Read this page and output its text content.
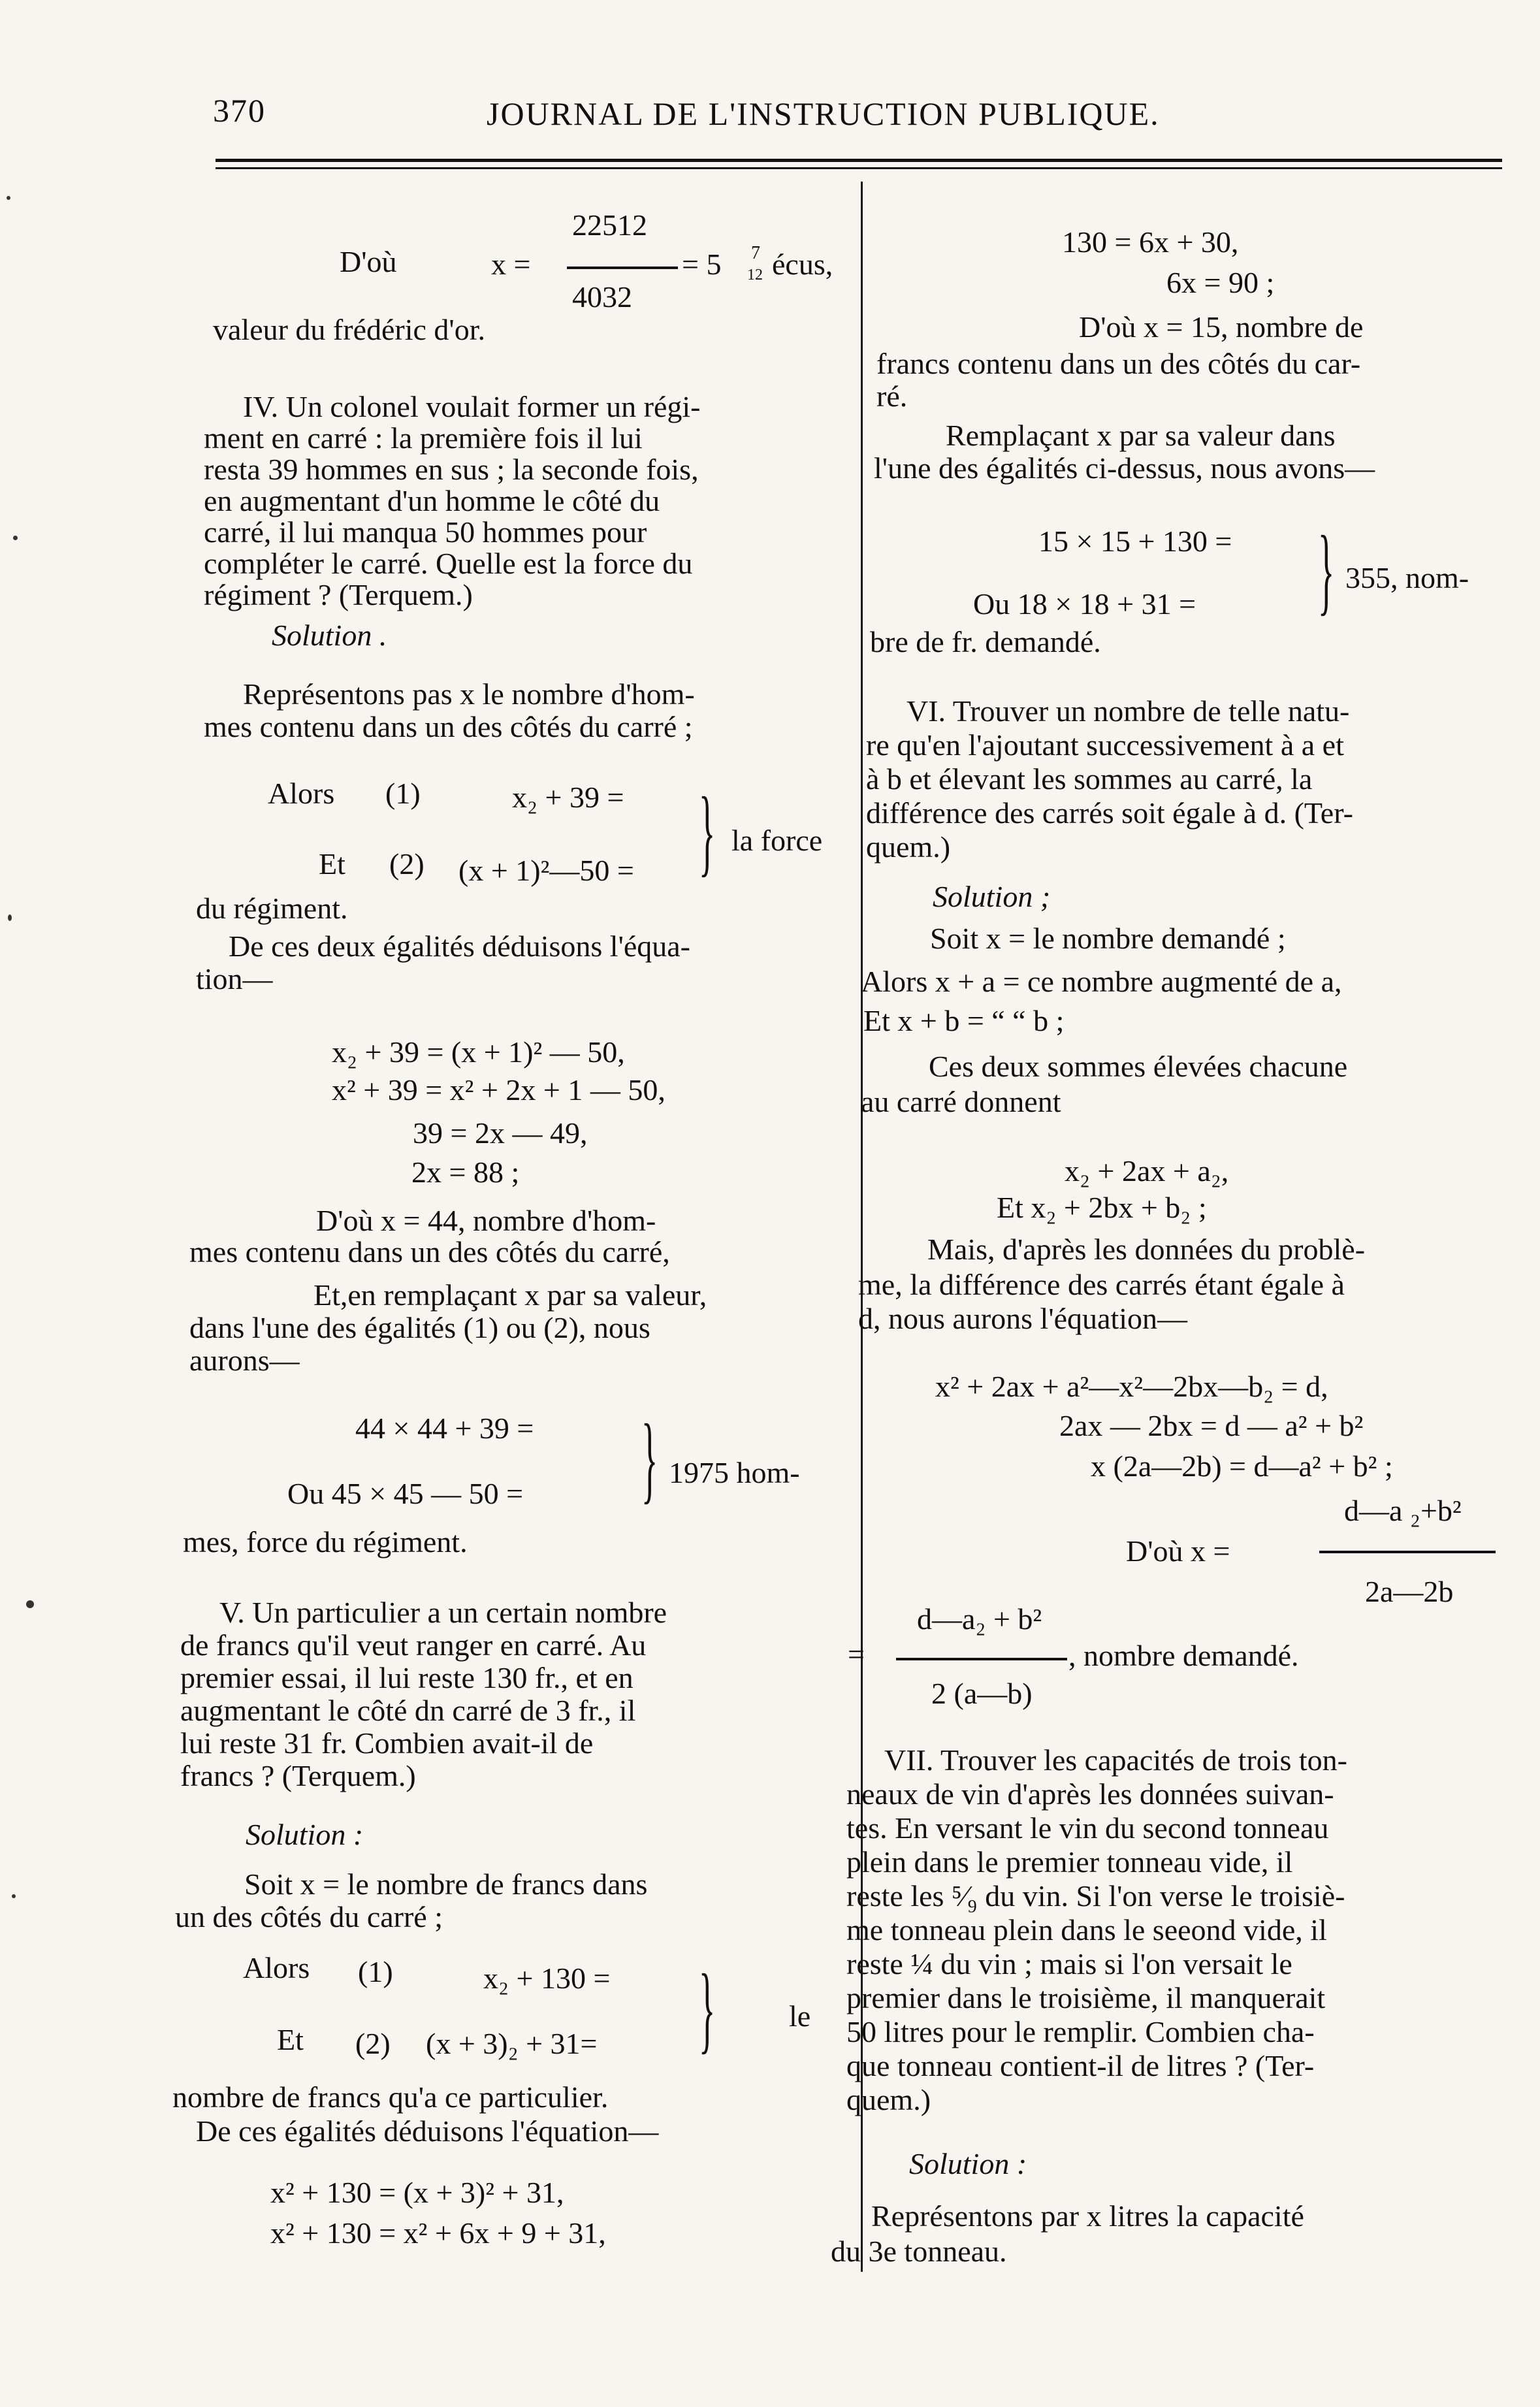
370	JOURNAL DE L'INSTRUCTION PUBLIQUE.
D'où	x =
22512
4032
= 5 7
12 écus,
valeur du frédéric d'or.
IV. Un colonel voulait former un régi-
ment en carré : la première fois il lui
resta 39 hommes en sus ; la seconde fois,
en augmentant d'un homme le côté du
carré, il lui manqua 50 hommes pour
compléter le carré. Quelle est la force du
régiment ? (Terquem.)
Solution .
Représentons pas x le nombre d'hom-
mes contenu dans un des côtés du carré ;
Alors (1)	x₂ + 39 =
Et (2) (x + 1)²—50 = } la force
du régiment.
De ces deux égalités déduisons l'équa-
tion—
x₂ + 39 = (x + 1)² — 50,
x² + 39 = x² + 2x + 1 — 50,
39 = 2x — 49,
2x = 88 ;
D'où x = 44, nombre d'hom-
mes contenu dans un des côtés du carré,
Et,en remplaçant x par sa valeur,
dans l'une des égalités (1) ou (2), nous
aurons—
44 × 44 + 39 =
Ou 45 × 45 — 50 = } 1975 hom-
mes, force du régiment.
V. Un particulier a un certain nombre
de francs qu'il veut ranger en carré. Au
premier essai, il lui reste 130 fr., et en
augmentant le côté dn carré de 3 fr., il
lui reste 31 fr. Combien avait-il de
francs ? (Terquem.)
Solution :
Soit x = le nombre de francs dans
un des côtés du carré ;
Alors (1)	x₂ + 130 =
Et (2) (x + 3)₂ + 31= } le
nombre de francs qu'a ce particulier.
De ces égalités déduisons l'équation—
x² + 130 = (x + 3)² + 31,
x² + 130 = x² + 6x + 9 + 31,
130 = 6x + 30,
6x = 90 ;
D'où x = 15, nombre de
francs contenu dans un des côtés du car-
ré.
Remplaçant x par sa valeur dans
l'une des égalités ci-dessus, nous avons—
15 × 15 + 130 =
Ou 18 × 18 + 31 = } 355, nom-
bre de fr. demandé.
VI. Trouver un nombre de telle natu-
re qu'en l'ajoutant successivement à a et
à b et élevant les sommes au carré, la
différence des carrés soit égale à d. (Ter-
quem.)
Solution ;
Soit x = le nombre demandé ;
Alors x + a = ce nombre augmenté de a,
Et x + b = “ “ b ;
Ces deux sommes élevées chacune
au carré donnent
x₂ + 2ax + a₂,
Et x₂ + 2bx + b₂ ;
Mais, d'après les données du problè-
me, la différence des carrés étant égale à
d, nous aurons l'équation—
x² + 2ax + a²—x²—2bx—b₂ = d,
2ax — 2bx = d — a² + b²
x (2a—2b) = d—a² + b² ;
D'où x =
d—a ₂+b²
2a—2b
=
d—a₂ + b²
2 (a—b)
, nombre demandé.
VII. Trouver les capacités de trois ton-
neaux de vin d'après les données suivan-
tes. En versant le vin du second tonneau
plein dans le premier tonneau vide, il
reste les ⁵⁄₉ du vin. Si l'on verse le troisiè-
me tonneau plein dans le seeond vide, il
reste ¼ du vin ; mais si l'on versait le
premier dans le troisième, il manquerait
50 litres pour le remplir. Combien cha-
que tonneau contient-il de litres ? (Ter-
quem.)
Solution :
Représentons par x litres la capacité
du 3e tonneau.
